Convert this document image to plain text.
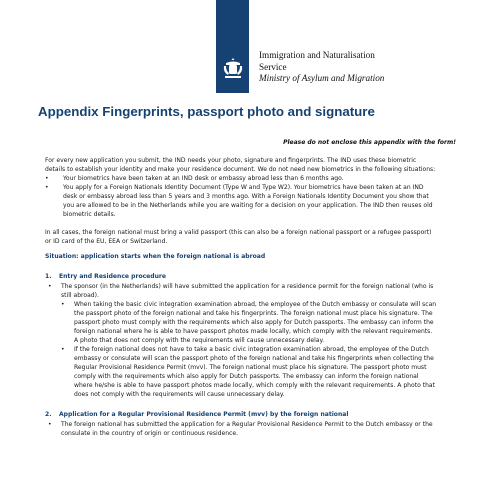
Immigration and Naturalisation
Service
Ministry of Asylum and Migration
Appendix Fingerprints, passport photo and signature
Please do not enclose this appendix with the form!

For every new application you submit, the IND needs your photo, signature and fingerprints. The IND uses these biometric details to establish your identity and make your residence document. We do not need new biometrics in the following situations:

•	Your biometrics have been taken at an IND desk or embassy abroad less than 6 months ago.
•	You apply for a Foreign Nationals Identity Document (Type W and Type W2). Your biometrics have been taken at an IND desk or embassy abroad less than 5 years and 3 months ago. With a Foreign Nationals Identity Document you show that you are allowed to be in the Netherlands while you are waiting for a decision on your application. The IND then reuses old biometric details.

In all cases, the foreign national must bring a valid passport (this can also be a foreign national passport or a refugee passport) or ID card of the EU, EEA or Switzerland.

Situation: application starts when the foreign national is abroad
1.	Entry and Residence procedure
•	The sponsor (in the Netherlands) will have submitted the application for a residence permit for the foreign national (who is still abroad).
•	When taking the basic civic integration examination abroad, the employee of the Dutch embassy or consulate will scan the passport photo of the foreign national and take his fingerprints. The foreign national must place his signature. The passport photo must comply with the requirements which also apply for Dutch passports. The embassy can inform the foreign national where he is able to have passport photos made locally, which comply with the relevant requirements. A photo that does not comply with the requirements will cause unnecessary delay.
•	If the foreign national does not have to take a basic civic integration examination abroad, the employee of the Dutch embassy or consulate will scan the passport photo of the foreign national and take his fingerprints when collecting the Regular Provisional Residence Permit (mvv). The foreign national must place his signature. The passport photo must comply with the requirements which also apply for Dutch passports. The embassy can inform the foreign national where he/she is able to have passport photos made locally, which comply with the relevant requirements. A photo that does not comply with the requirements will cause unnecessary delay.
2.	Application for a Regular Provisional Residence Permit (mvv) by the foreign national
•	The foreign national has submitted the application for a Regular Provisional Residence Permit to the Dutch embassy or the consulate in the country of origin or continuous residence.
